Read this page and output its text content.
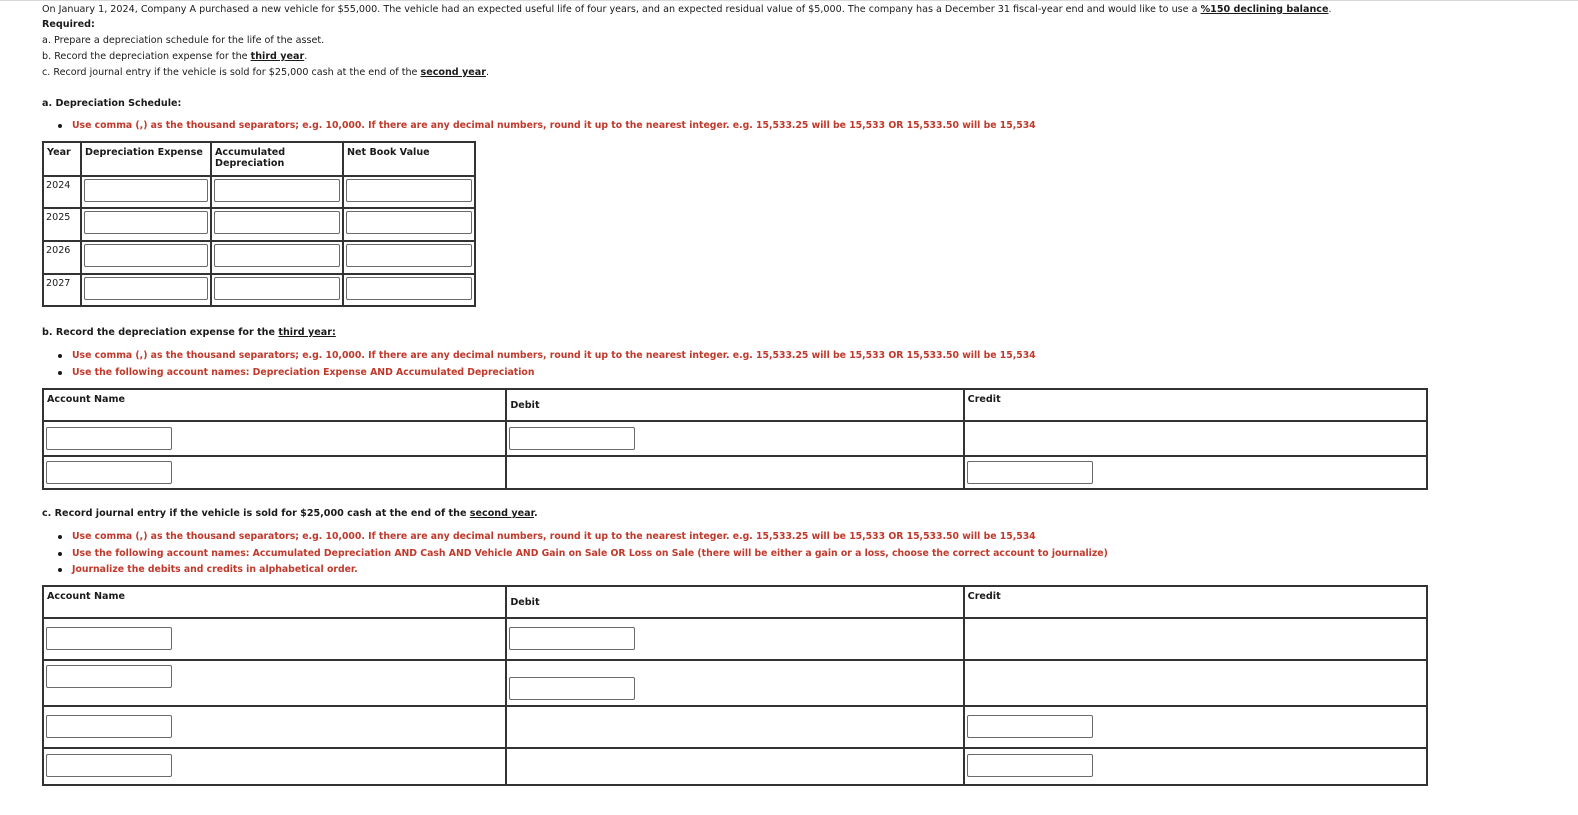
On January 1, 2024, Company A purchased a new vehicle for $55,000. The vehicle had an expected useful life of four years, and an expected residual value of $5,000. The company has a December 31 fiscal-year end and would like to use a %150 declining balance.
Required:
a. Prepare a depreciation schedule for the life of the asset.
b. Record the depreciation expense for the third year.
c. Record journal entry if the vehicle is sold for $25,000 cash at the end of the second year.
a. Depreciation Schedule:
Use comma (,) as the thousand separators; e.g. 10,000. If there are any decimal numbers, round it up to the nearest integer. e.g. 15,533.25 will be 15,533 OR 15,533.50 will be 15,534
Year	Depreciation Expense	Accumulated Depreciation	Net Book Value
2024	

2025	

2026	

2027	

b. Record the depreciation expense for the third year:
Use comma (,) as the thousand separators; e.g. 10,000. If there are any decimal numbers, round it up to the nearest integer. e.g. 15,533.25 will be 15,533 OR 15,533.50 will be 15,534
Use the following account names: Depreciation Expense AND Accumulated Depreciation
Account Name	Debit	Credit

c. Record journal entry if the vehicle is sold for $25,000 cash at the end of the second year.
Use comma (,) as the thousand separators; e.g. 10,000. If there are any decimal numbers, round it up to the nearest integer. e.g. 15,533.25 will be 15,533 OR 15,533.50 will be 15,534
Use the following account names: Accumulated Depreciation AND Cash AND Vehicle AND Gain on Sale OR Loss on Sale (there will be either a gain or a loss, choose the correct account to journalize)
Journalize the debits and credits in alphabetical order.
Account Name	Debit	Credit
